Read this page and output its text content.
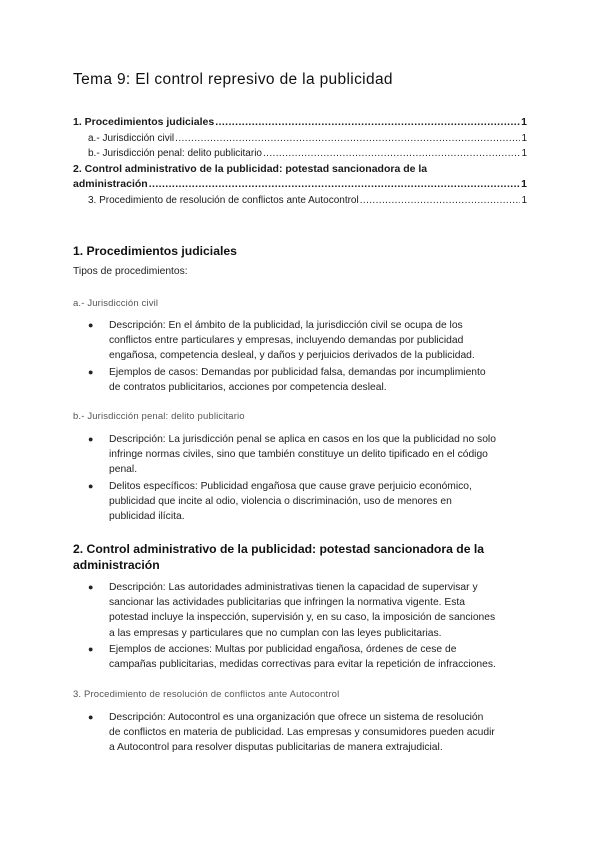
Tema 9: El control represivo de la publicidad
1. Procedimientos judiciales .....	1
a.- Jurisdicción civil .....	1
b.- Jurisdicción penal: delito publicitario .....	1
2. Control administrativo de la publicidad: potestad sancionadora de la
administración .....	1
3. Procedimiento de resolución de conflictos ante Autocontrol .....	1
1. Procedimientos judiciales
Tipos de procedimientos:
a.- Jurisdicción civil
● Descripción: En el ámbito de la publicidad, la jurisdicción civil se ocupa de los
conflictos entre particulares y empresas, incluyendo demandas por publicidad
engañosa, competencia desleal, y daños y perjuicios derivados de la publicidad.
● Ejemplos de casos: Demandas por publicidad falsa, demandas por incumplimiento
de contratos publicitarios, acciones por competencia desleal.
b.- Jurisdicción penal: delito publicitario
● Descripción: La jurisdicción penal se aplica en casos en los que la publicidad no solo
infringe normas civiles, sino que también constituye un delito tipificado en el código
penal.
● Delitos específicos: Publicidad engañosa que cause grave perjuicio económico,
publicidad que incite al odio, violencia o discriminación, uso de menores en
publicidad ilícita.
2. Control administrativo de la publicidad: potestad sancionadora de la
administración
● Descripción: Las autoridades administrativas tienen la capacidad de supervisar y
sancionar las actividades publicitarias que infringen la normativa vigente. Esta
potestad incluye la inspección, supervisión y, en su caso, la imposición de sanciones
a las empresas y particulares que no cumplan con las leyes publicitarias.
● Ejemplos de acciones: Multas por publicidad engañosa, órdenes de cese de
campañas publicitarias, medidas correctivas para evitar la repetición de infracciones.
3. Procedimiento de resolución de conflictos ante Autocontrol
● Descripción: Autocontrol es una organización que ofrece un sistema de resolución
de conflictos en materia de publicidad. Las empresas y consumidores pueden acudir
a Autocontrol para resolver disputas publicitarias de manera extrajudicial.
